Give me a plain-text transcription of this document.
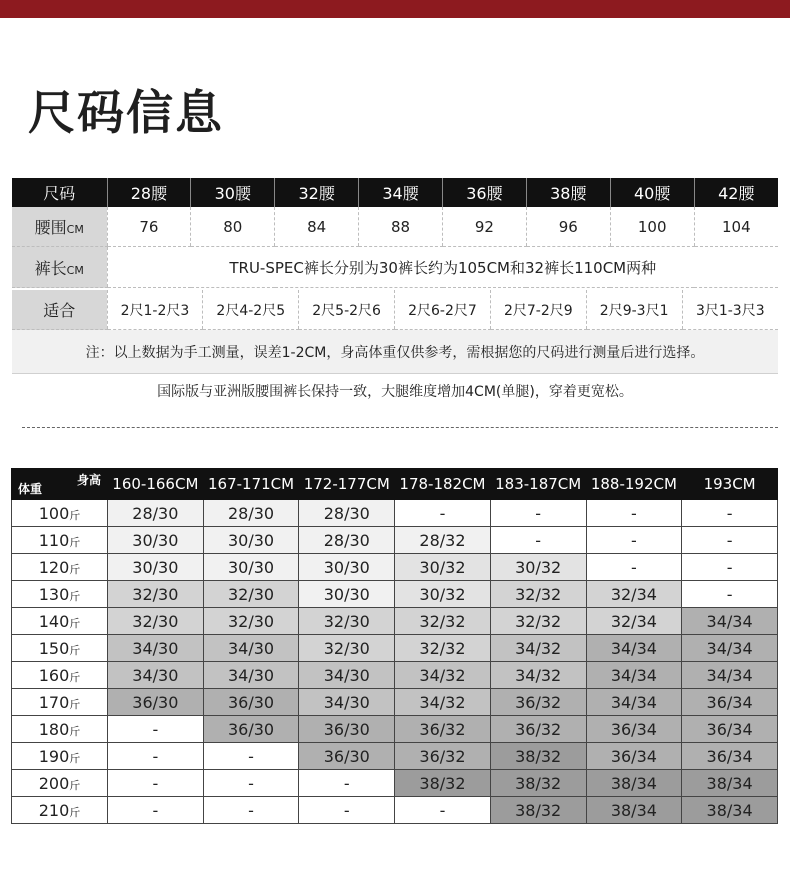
尺码信息
尺码	28腰	30腰	32腰	34腰	36腰	38腰	40腰	42腰
腰围CM	76	80	84	88	92	96	100	104
裤长CM	TRU-SPEC裤长分别为30裤长约为105CM和32裤长110CM两种							
适合	2尺1-2尺3	2尺4-2尺5	2尺5-2尺6	2尺6-2尺7	2尺7-2尺9	2尺9-3尺1	3尺1-3尺3
注：以上数据为手工测量，误差1-2CM，身高体重仅供参考，需根据您的尺码进行测量后进行选择。
国际版与亚洲版腰围裤长保持一致，大腿维度增加4CM(单腿)，穿着更宽松。
身高
体重	160-166CM	167-171CM	172-177CM	178-182CM	183-187CM	188-192CM	193CM
100斤	28/30	28/30	28/30	-	-	-	-
110斤	30/30	30/30	28/30	28/32	-	-	-
120斤	30/30	30/30	30/30	30/32	30/32	-	-
130斤	32/30	32/30	30/30	30/32	32/32	32/34	-
140斤	32/30	32/30	32/30	32/32	32/32	32/34	34/34
150斤	34/30	34/30	32/30	32/32	34/32	34/34	34/34
160斤	34/30	34/30	34/30	34/32	34/32	34/34	34/34
170斤	36/30	36/30	34/30	34/32	36/32	34/34	36/34
180斤	-	36/30	36/30	36/32	36/32	36/34	36/34
190斤	-	-	36/30	36/32	38/32	36/34	36/34
200斤	-	-	-	38/32	38/32	38/34	38/34
210斤	-	-	-	-	38/32	38/34	38/34
